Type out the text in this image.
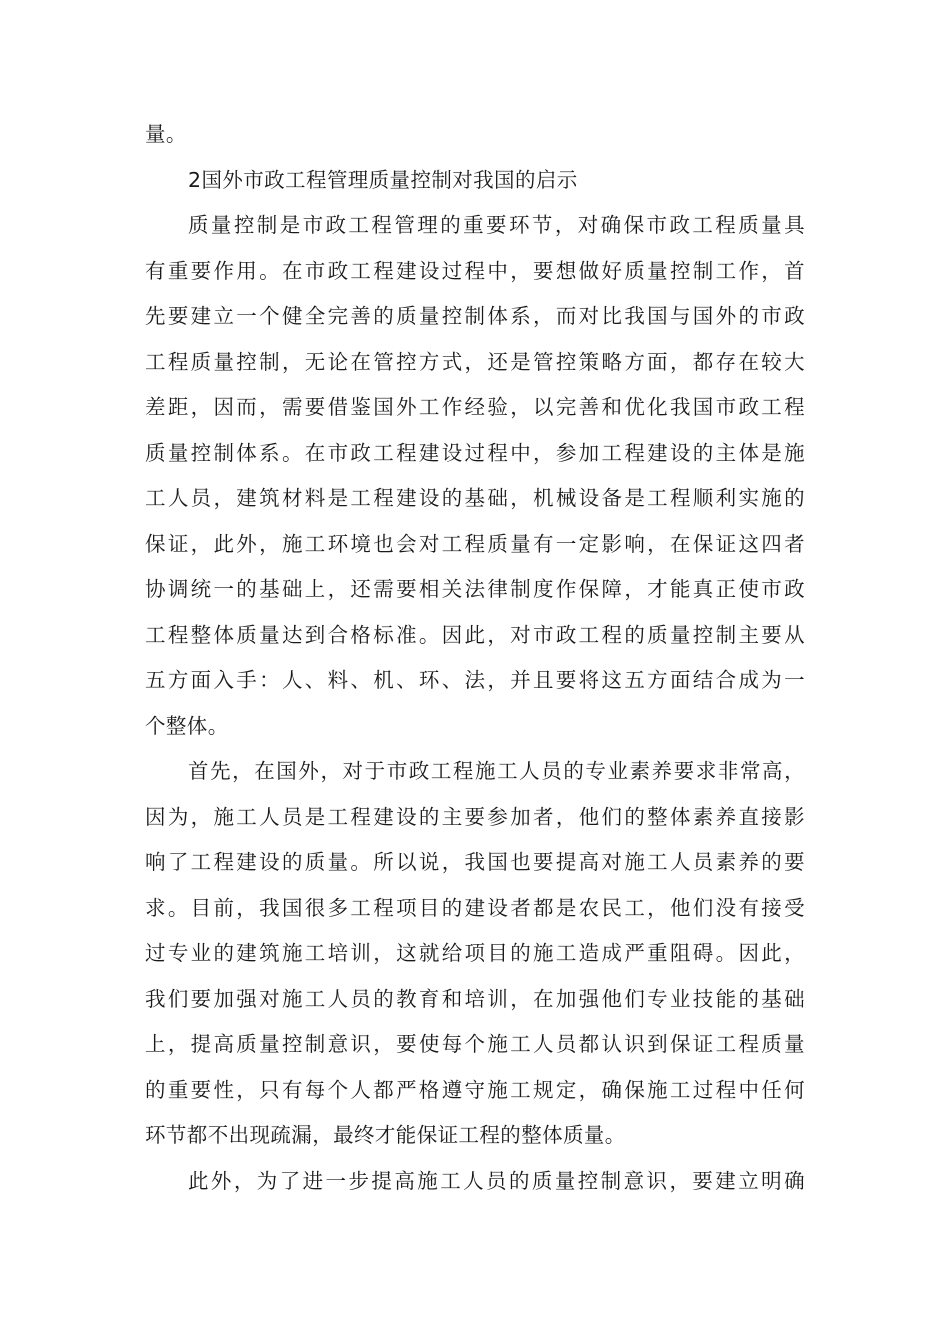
量。
2国外市政工程管理质量控制对我国的启示
质量控制是市政工程管理的重要环节，对确保市政工程质量具
有重要作用。在市政工程建设过程中，要想做好质量控制工作，首
先要建立一个健全完善的质量控制体系，而对比我国与国外的市政
工程质量控制，无论在管控方式，还是管控策略方面，都存在较大
差距，因而，需要借鉴国外工作经验，以完善和优化我国市政工程
质量控制体系。在市政工程建设过程中，参加工程建设的主体是施
工人员，建筑材料是工程建设的基础，机械设备是工程顺利实施的
保证，此外，施工环境也会对工程质量有一定影响，在保证这四者
协调统一的基础上，还需要相关法律制度作保障，才能真正使市政
工程整体质量达到合格标准。因此，对市政工程的质量控制主要从
五方面入手：人、料、机、环、法，并且要将这五方面结合成为一
个整体。
首先，在国外，对于市政工程施工人员的专业素养要求非常高，
因为，施工人员是工程建设的主要参加者，他们的整体素养直接影
响了工程建设的质量。所以说，我国也要提高对施工人员素养的要
求。目前，我国很多工程项目的建设者都是农民工，他们没有接受
过专业的建筑施工培训，这就给项目的施工造成严重阻碍。因此，
我们要加强对施工人员的教育和培训，在加强他们专业技能的基础
上，提高质量控制意识，要使每个施工人员都认识到保证工程质量
的重要性，只有每个人都严格遵守施工规定，确保施工过程中任何
环节都不出现疏漏，最终才能保证工程的整体质量。
此外，为了进一步提高施工人员的质量控制意识，要建立明确
